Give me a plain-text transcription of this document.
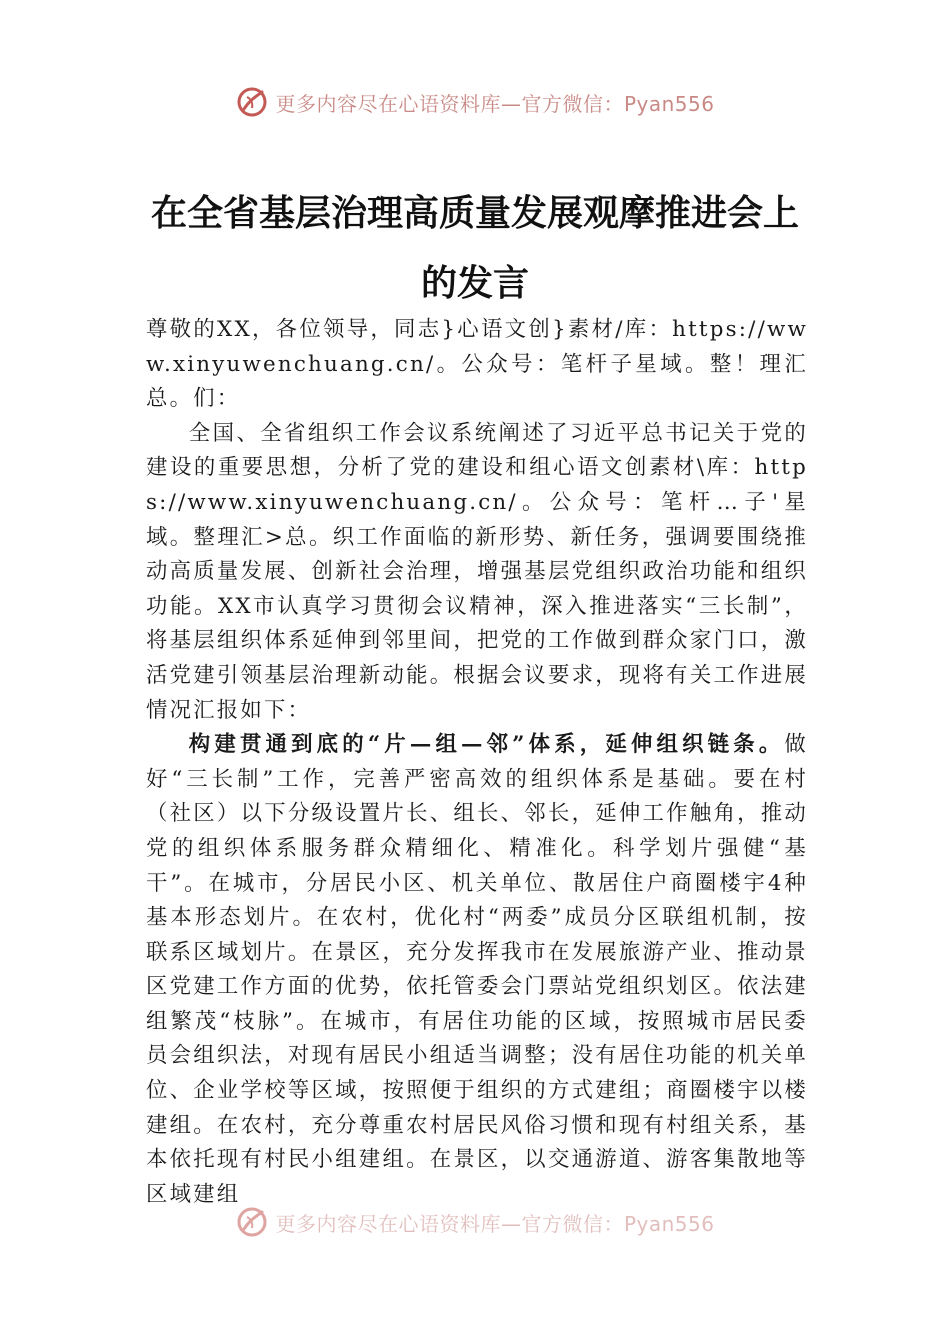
更多内容尽在心语资料库—官方微信：Pyan556
在全省基层治理高质量发展观摩推进会上
的发言

尊敬的XX，各位领导，同志}心语文创}素材/库：https://www.xinyuwenchuang.cn/。公众号：笔杆子星域。整！理汇总。们：

全国、全省组织工作会议系统阐述了习近平总书记关于党的建设的重要思想，分析了党的建设和组心语文创素材\库：https://www.xinyuwenchuang.cn/。公众号：笔杆…子'星域。整理汇>总。织工作面临的新形势、新任务，强调要围绕推动高质量发展、创新社会治理，增强基层党组织政治功能和组织功能。XX市认真学习贯彻会议精神，深入推进落实“三长制”，将基层组织体系延伸到邻里间，把党的工作做到群众家门口，激活党建引领基层治理新动能。根据会议要求，现将有关工作进展情况汇报如下：

构建贯通到底的“片—组—邻”体系，延伸组织链条。做好“三长制”工作，完善严密高效的组织体系是基础。要在村（社区）以下分级设置片长、组长、邻长，延伸工作触角，推动党的组织体系服务群众精细化、精准化。科学划片强健“基干”。在城市，分居民小区、机关单位、散居住户商圈楼宇4种基本形态划片。在农村，优化村“两委”成员分区联组机制，按联系区域划片。在景区，充分发挥我市在发展旅游产业、推动景区党建工作方面的优势，依托管委会门票站党组织划区。依法建组繁茂“枝脉”。在城市，有居住功能的区域，按照城市居民委员会组织法，对现有居民小组适当调整；没有居住功能的机关单位、企业学校等区域，按照便于组织的方式建组；商圈楼宇以楼建组。在农村，充分尊重农村居民风俗习惯和现有村组关系，基本依托现有村民小组建组。在景区，以交通游道、游客集散地等区域建组

更多内容尽在心语资料库—官方微信：Pyan556
